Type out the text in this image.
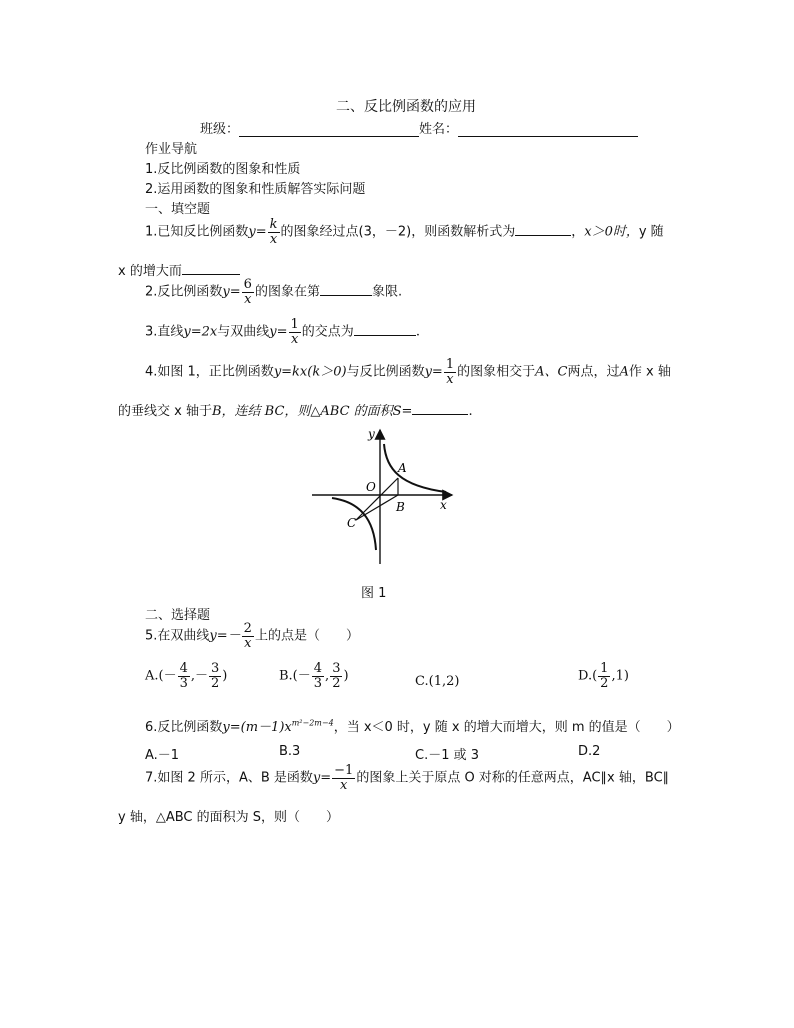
二、反比例函数的应用
班级：	姓名：
作业导航
1.反比例函数的图象和性质
2.运用函数的图象和性质解答实际问题
一、填空题
1.已知反比例函数$y= \frac{k}{x}$ 的图象经过点(3，－2)，则函数解析式为	，x＞0时，y 随
x 的增大而
2.反比例函数$y= \frac{6}{x}$ 的图象在第	象限.
3.直线y=2x与双曲线$y= \frac{1}{x}$ 的交点为	.
4.如图 1，正比例函数y=kx(k＞0)与反比例函数$y= \frac{1}{x}$ 的图象相交于A、C两点，过A作 x 轴
的垂线交 x 轴于B，连结 BC，则△ABC 的面积S=	.
y
x
O
A
B
C
图 1
二、选择题
5.在双曲线$y=- \frac{2}{x}$ 上的点是（　　）
$A.(- \frac{4}{3}$ ,－ $\frac{3}{2}$ )	$B.(- \frac{4}{3}$ , $\frac{3}{2}$ )	C.(1,2)	$D.( \frac{1}{2} ,1)$
6.反比例函数$y=(m-1)x^{m^2-2m-4}$，当 x＜0 时，y 随 x 的增大而增大，则 m 的值是（　　）
A.－1	B.3	C.－1 或 3	D.2
7.如图 2 所示，A、B 是函数$y= \frac{-1}{x}$ 的图象上关于原点 O 对称的任意两点，AC∥x 轴，BC∥
y 轴，△ABC 的面积为 S，则（　　）
